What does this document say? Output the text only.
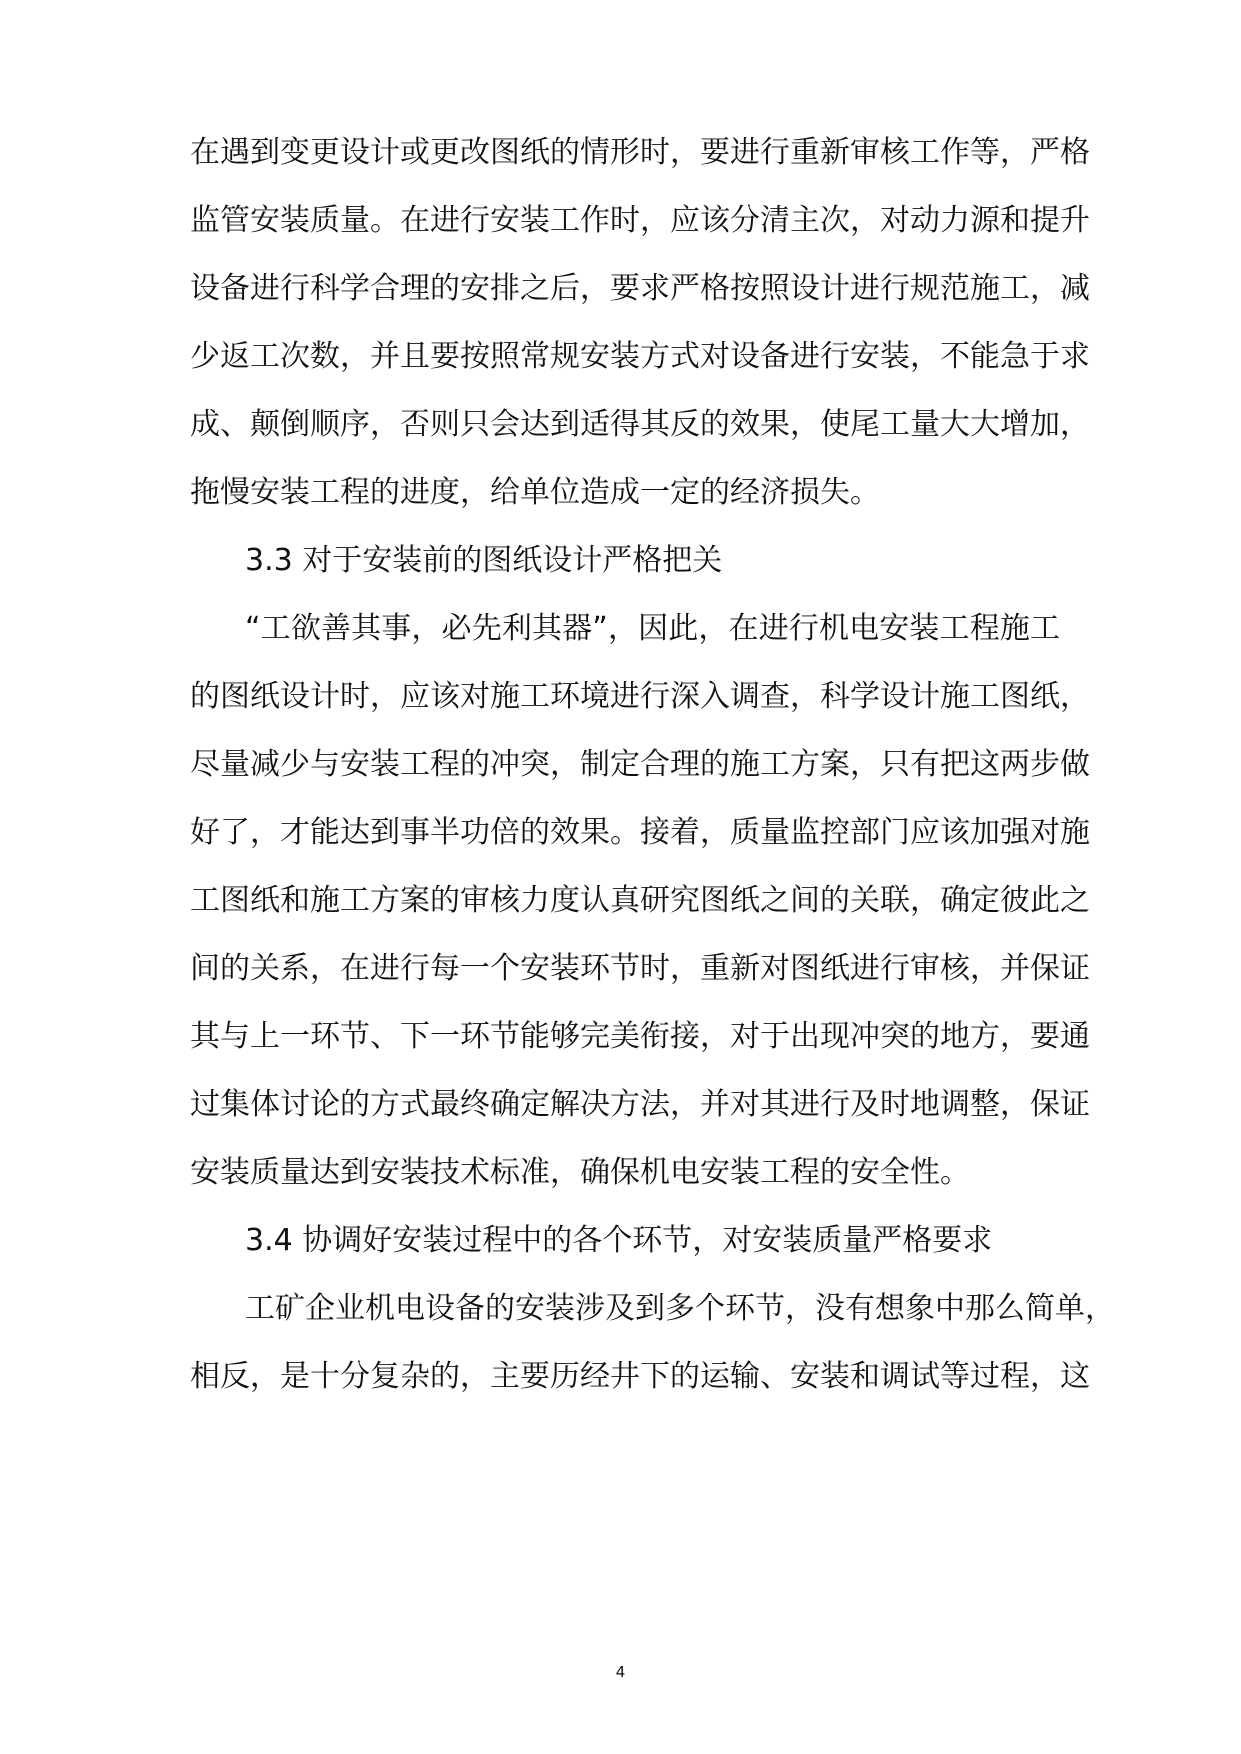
在遇到变更设计或更改图纸的情形时，要进行重新审核工作等，严格
监管安装质量。在进行安装工作时，应该分清主次，对动力源和提升
设备进行科学合理的安排之后，要求严格按照设计进行规范施工，减
少返工次数，并且要按照常规安装方式对设备进行安装，不能急于求
成、颠倒顺序，否则只会达到适得其反的效果，使尾工量大大增加，
拖慢安装工程的进度，给单位造成一定的经济损失。
3.3 对于安装前的图纸设计严格把关
“工欲善其事，必先利其器”，因此，在进行机电安装工程施工
的图纸设计时，应该对施工环境进行深入调查，科学设计施工图纸，
尽量减少与安装工程的冲突，制定合理的施工方案，只有把这两步做
好了，才能达到事半功倍的效果。接着，质量监控部门应该加强对施
工图纸和施工方案的审核力度认真研究图纸之间的关联，确定彼此之
间的关系，在进行每一个安装环节时，重新对图纸进行审核，并保证
其与上一环节、下一环节能够完美衔接，对于出现冲突的地方，要通
过集体讨论的方式最终确定解决方法，并对其进行及时地调整，保证
安装质量达到安装技术标准，确保机电安装工程的安全性。
3.4 协调好安装过程中的各个环节，对安装质量严格要求
工矿企业机电设备的安装涉及到多个环节，没有想象中那么简单，
相反，是十分复杂的，主要历经井下的运输、安装和调试等过程，这
4
